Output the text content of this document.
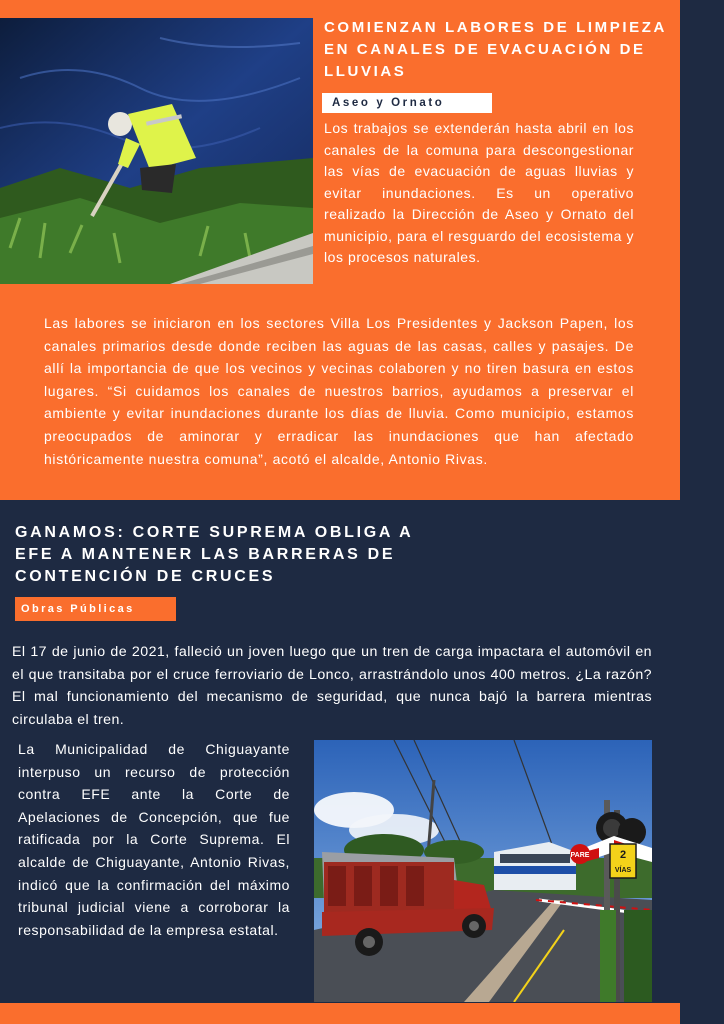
COMIENZAN LABORES DE LIMPIEZA EN CANALES DE EVACUACIÓN DE LLUVIAS
Aseo y Ornato
Los trabajos se extenderán hasta abril en los canales de la comuna para descongestionar las vías de evacuación de aguas lluvias y evitar inundaciones. Es un operativo realizado la Dirección de Aseo y Ornato del municipio, para el resguardo del ecosistema y los procesos naturales.
Las labores se iniciaron en los sectores Villa Los Presidentes y Jackson Papen, los canales primarios desde donde reciben las aguas de las casas, calles y pasajes. De allí la importancia de que los vecinos y vecinas colaboren y no tiren basura en estos lugares. “Si cuidamos los canales de nuestros barrios, ayudamos a preservar el ambiente y evitar inundaciones durante los días de lluvia. Como municipio, estamos preocupados de aminorar y erradicar las inundaciones que han afectado históricamente nuestra comuna”, acotó el alcalde, Antonio Rivas.
GANAMOS: CORTE SUPREMA OBLIGA A EFE A MANTENER LAS BARRERAS DE CONTENCIÓN DE CRUCES
Obras Públicas
El 17 de junio de 2021, falleció un joven luego que un tren de carga impactara el automóvil en el que transitaba por el cruce ferroviario de Lonco, arrastrándolo unos 400 metros. ¿La razón? El mal funcionamiento del mecanismo de seguridad, que nunca bajó la barrera mientras circulaba el tren.
La Municipalidad de Chiguayante interpuso un recurso de protección contra EFE ante la Corte de Apelaciones de Concepción, que fue ratificada por la Corte Suprema. El alcalde de Chiguayante, Antonio Rivas, indicó que la confirmación del máximo tribunal judicial viene a corroborar la responsabilidad de la empresa estatal.
PARE	2
VÍAS
